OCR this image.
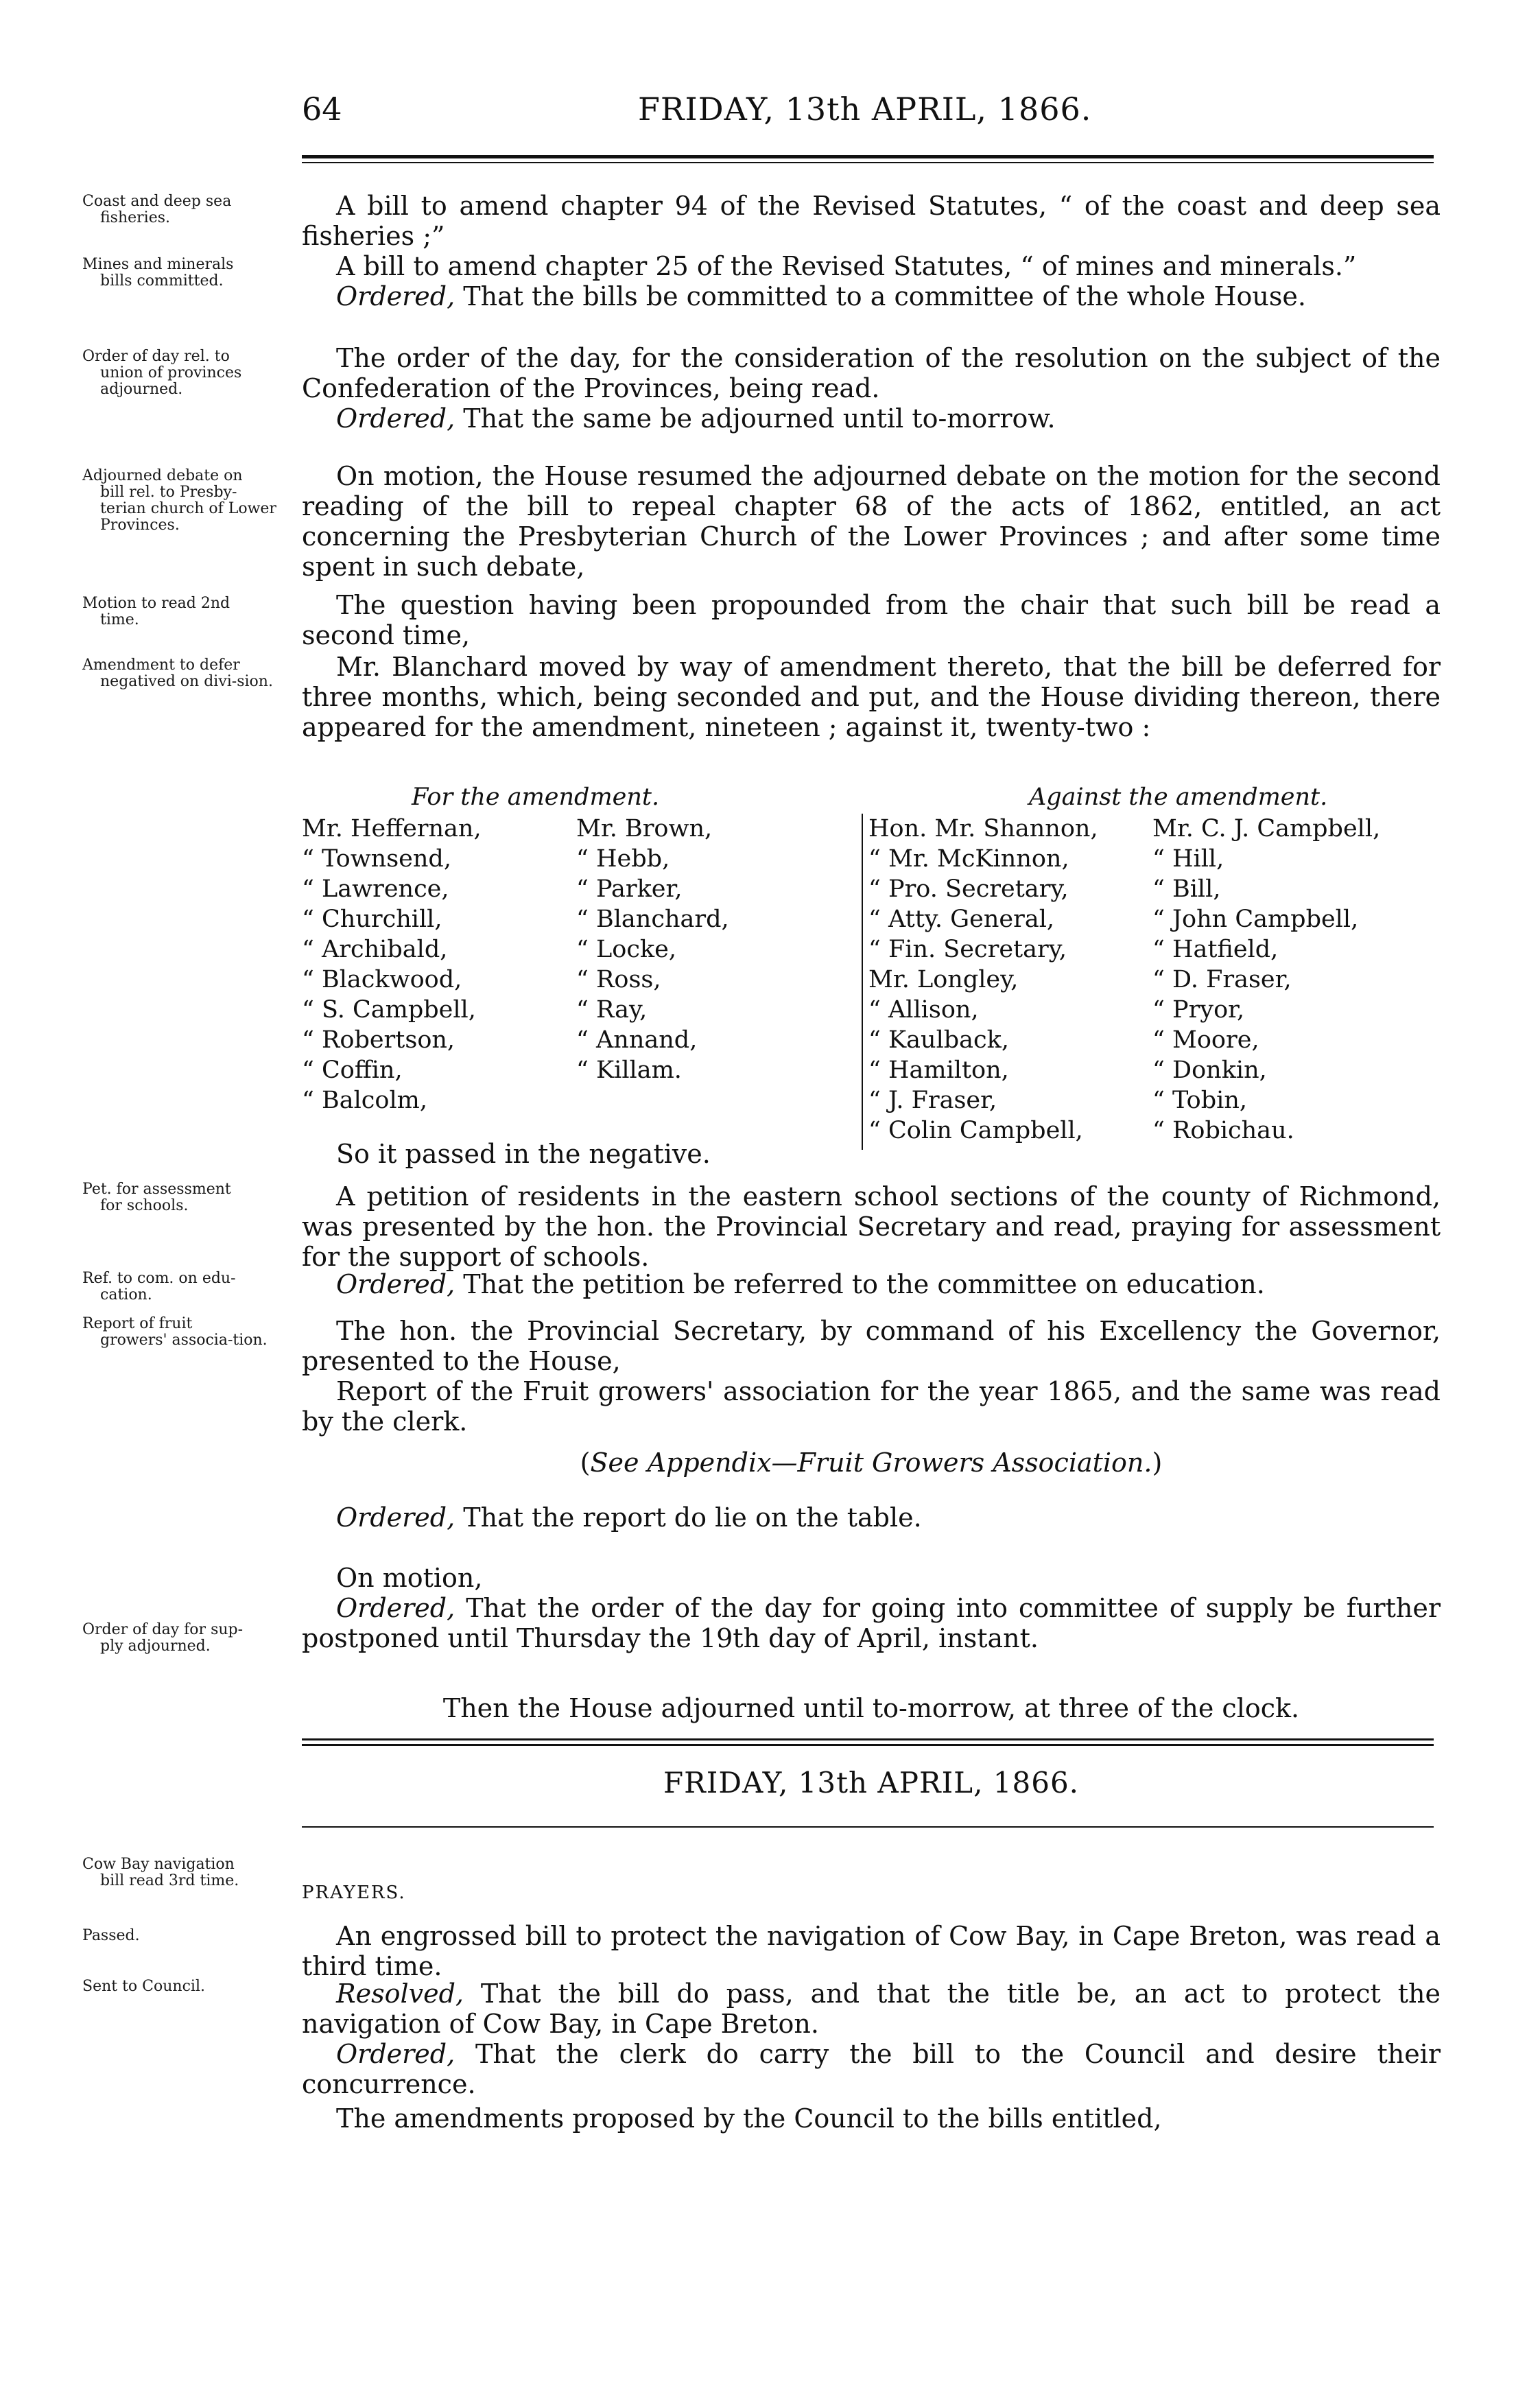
64	FRIDAY, 13th APRIL, 1866.
Coast and deep sea
fisheries.
Mines and minerals
bills committed.
Order of day rel. to
union of provinces adjourned.
Adjourned debate on
bill rel. to Presby-terian church of Lower Provinces.
Motion to read 2nd
time.
Amendment to defer
negatived on divi-sion.
Pet. for assessment
for schools.
Ref. to com. on edu-
cation.
Report of fruit
growers' associa-tion.
Order of day for sup-
ply adjourned.
Cow Bay navigation
bill read 3rd time.
Passed.
Sent to Council.
A bill to amend chapter 94 of the Revised Statutes, “ of the coast and deep sea fisheries ;”
A bill to amend chapter 25 of the Revised Statutes, “ of mines and minerals.”
Ordered, That the bills be committed to a committee of the whole House.
The order of the day, for the consideration of the resolution on the subject of the Confederation of the Provinces, being read.
Ordered, That the same be adjourned until to-morrow.
On motion, the House resumed the adjourned debate on the motion for the second reading of the bill to repeal chapter 68 of the acts of 1862, entitled, an act concerning the Presbyterian Church of the Lower Provinces ; and after some time spent in such debate,
The question having been propounded from the chair that such bill be read a second time,
Mr. Blanchard moved by way of amendment thereto, that the bill be deferred for three months, which, being seconded and put, and the House dividing thereon, there appeared for the amendment, nineteen ; against it, twenty-two :
For the amendment.	Against the amendment.
Mr. Heffernan,
“ Townsend,
“ Lawrence,
“ Churchill,
“ Archibald,
“ Blackwood,
“ S. Campbell,
“ Robertson,
“ Coffin,
“ Balcolm,
Mr. Brown,
“ Hebb,
“ Parker,
“ Blanchard,
“ Locke,
“ Ross,
“ Ray,
“ Annand,
“ Killam.
Hon. Mr. Shannon,
“ Mr. McKinnon,
“ Pro. Secretary,
“ Atty. General,
“ Fin. Secretary,
Mr. Longley,
“ Allison,
“ Kaulback,
“ Hamilton,
“ J. Fraser,
“ Colin Campbell,
Mr. C. J. Campbell,
“ Hill,
“ Bill,
“ John Campbell,
“ Hatfield,
“ D. Fraser,
“ Pryor,
“ Moore,
“ Donkin,
“ Tobin,
“ Robichau.
So it passed in the negative.
A petition of residents in the eastern school sections of the county of Richmond, was presented by the hon. the Provincial Secretary and read, praying for assessment for the support of schools.
Ordered, That the petition be referred to the committee on education.
The hon. the Provincial Secretary, by command of his Excellency the Governor, presented to the House,
Report of the Fruit growers' association for the year 1865, and the same was read by the clerk.
(See Appendix—Fruit Growers Association.)
Ordered, That the report do lie on the table.
On motion,
Ordered, That the order of the day for going into committee of supply be further postponed until Thursday the 19th day of April, instant.
Then the House adjourned until to-morrow, at three of the clock.
FRIDAY, 13th APRIL, 1866.
PRAYERS.
An engrossed bill to protect the navigation of Cow Bay, in Cape Breton, was read a third time.
Resolved, That the bill do pass, and that the title be, an act to protect the navigation of Cow Bay, in Cape Breton.
Ordered, That the clerk do carry the bill to the Council and desire their concurrence.
The amendments proposed by the Council to the bills entitled,
